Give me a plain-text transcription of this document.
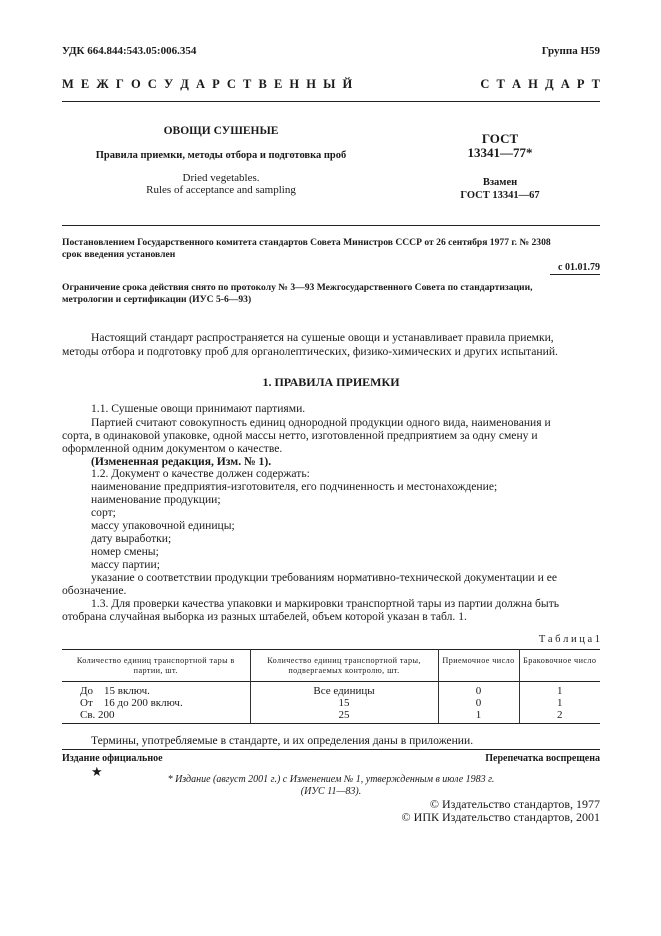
УДК 664.844:543.05:006.354	Группа Н59
М Е Ж Г О С У Д А Р С Т В Е Н Н Ы Й	С Т А Н Д А Р Т
ОВОЩИ СУШЕНЫЕ
Правила приемки, методы отбора и подготовка проб
Dried vegetables.
Rules of acceptance and sampling
ГОСТ
13341—77*
Взамен
ГОСТ 13341—67
Постановлением Государственного комитета стандартов Совета Министров СССР от 26 сентября 1977 г. № 2308
срок введения установлен
с 01.01.79
Ограничение срока действия снято по протоколу № 3—93 Межгосударственного Совета по стандартизации,
метрологии и сертификации (ИУС 5-6—93)
Настоящий стандарт распространяется на сушеные овощи и устанавливает правила приемки,
методы отбора и подготовку проб для органолептических, физико-химических и других испытаний.
1. ПРАВИЛА ПРИЕМКИ
1.1. Сушеные овощи принимают партиями.
Партией считают совокупность единиц однородной продукции одного вида, наименования и
сорта, в одинаковой упаковке, одной массы нетто, изготовленной предприятием за одну смену и
оформленной одним документом о качестве.
(Измененная редакция, Изм. № 1).
1.2. Документ о качестве должен содержать:
наименование предприятия-изготовителя, его подчиненность и местонахождение;
наименование продукции;
сорт;
массу упаковочной единицы;
дату выработки;
номер смены;
массу партии;
указание о соответствии продукции требованиям нормативно-технической документации и ее
обозначение.
1.3. Для проверки качества упаковки и маркировки транспортной тары из партии должна быть
отобрана случайная выборка из разных штабелей, объем которой указан в табл. 1.
Т а б л и ц а 1
Количество единиц транспортной тары в партии, шт.	Количество единиц транспортной тары, подвергаемых контролю, шт.	Приемочное число	Браковочное число
До    15 включ.	Все единицы	0	1
От    16 до 200 включ.	15	0	1
Св. 200	25	1	2
Термины, употребляемые в стандарте, и их определения даны в приложении.
Издание официальное	Перепечатка воспрещена
★
* Издание (август 2001 г.) с Изменением № 1, утвержденным в июле 1983 г.
(ИУС 11—83).
© Издательство стандартов, 1977
© ИПК Издательство стандартов, 2001
